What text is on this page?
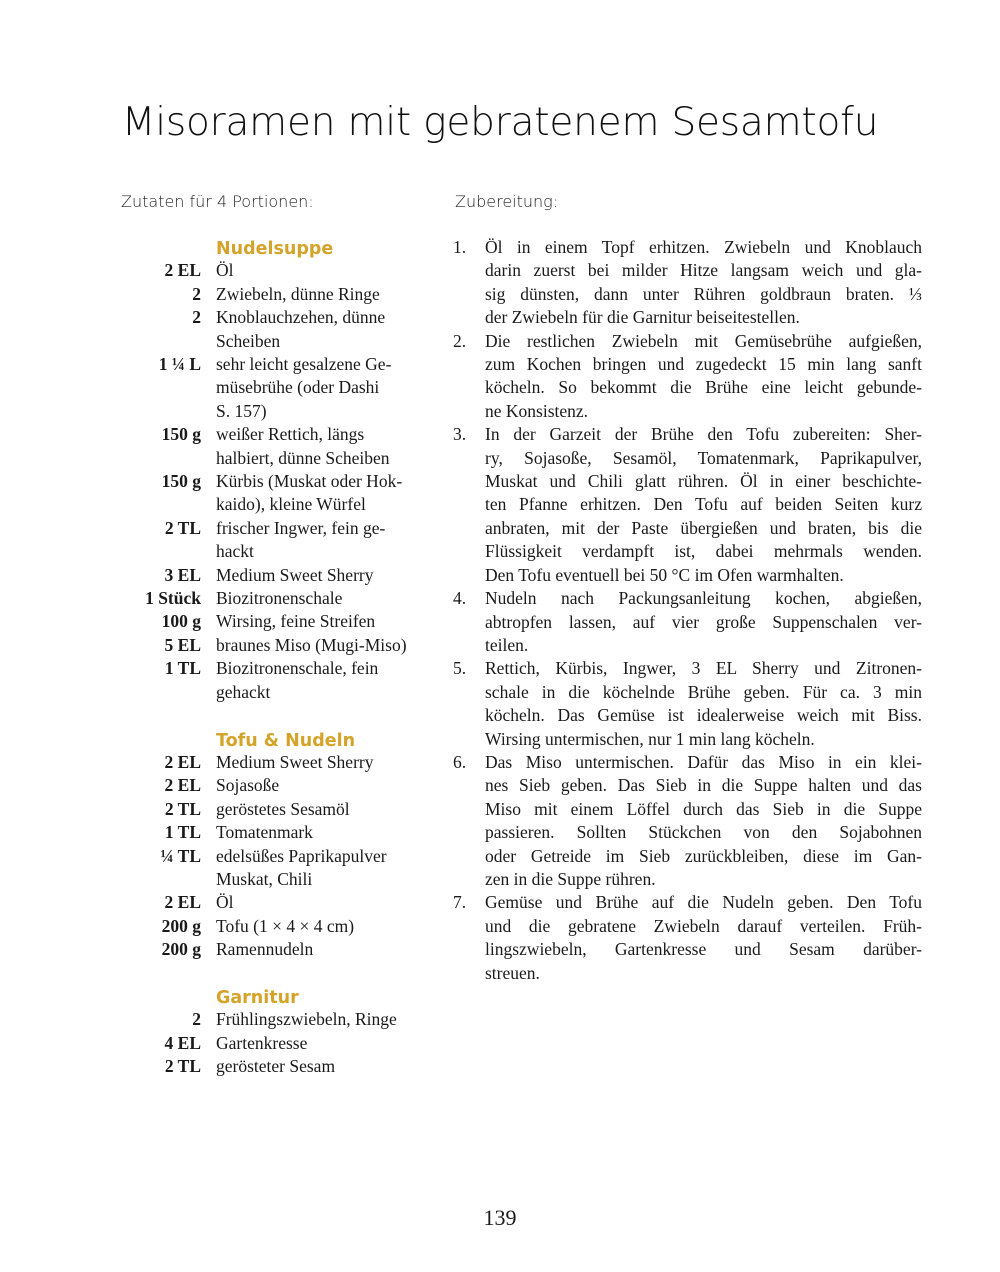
Misoramen mit gebratenem Sesamtofu
Zutaten für 4 Portionen:	Zubereitung:
Nudelsuppe
2 EL Öl
2 Zwiebeln, dünne Ringe
2 Knoblauchzehen, dünne
Scheiben
1 ¼ L sehr leicht gesalzene Ge-
müsebrühe (oder Dashi
S. 157)
150 g weißer Rettich, längs
halbiert, dünne Scheiben
150 g Kürbis (Muskat oder Hok-
kaido), kleine Würfel
2 TL frischer Ingwer, fein ge-
hackt
3 EL Medium Sweet Sherry
1 Stück Biozitronenschale
100 g Wirsing, feine Streifen
5 EL braunes Miso (Mugi-Miso)
1 TL Biozitronenschale, fein
gehackt
Tofu & Nudeln
2 EL Medium Sweet Sherry
2 EL Sojasoße
2 TL geröstetes Sesamöl
1 TL Tomatenmark
¼ TL edelsüßes Paprikapulver
Muskat, Chili
2 EL Öl
200 g Tofu (1 × 4 × 4 cm)
200 g Ramennudeln
Garnitur
2 Frühlingszwiebeln, Ringe
4 EL Gartenkresse
2 TL gerösteter Sesam
1.	Öl in einem Topf erhitzen. Zwiebeln und Knoblauch
darin zuerst bei milder Hitze langsam weich und gla-
sig dünsten, dann unter Rühren goldbraun braten. ⅓
der Zwiebeln für die Garnitur beiseitestellen.
2.	Die restlichen Zwiebeln mit Gemüsebrühe aufgießen,
zum Kochen bringen und zugedeckt 15 min lang sanft
köcheln. So bekommt die Brühe eine leicht gebunde-
ne Konsistenz.
3.	In der Garzeit der Brühe den Tofu zubereiten: Sher-
ry, Sojasoße, Sesamöl, Tomatenmark, Paprikapulver,
Muskat und Chili glatt rühren. Öl in einer beschichte-
ten Pfanne erhitzen. Den Tofu auf beiden Seiten kurz
anbraten, mit der Paste übergießen und braten, bis die
Flüssigkeit verdampft ist, dabei mehrmals wenden.
Den Tofu eventuell bei 50 °C im Ofen warmhalten.
4.	Nudeln nach Packungsanleitung kochen, abgießen,
abtropfen lassen, auf vier große Suppenschalen ver-
teilen.
5.	Rettich, Kürbis, Ingwer, 3 EL Sherry und Zitronen-
schale in die köchelnde Brühe geben. Für ca. 3 min
köcheln. Das Gemüse ist idealerweise weich mit Biss.
Wirsing untermischen, nur 1 min lang köcheln.
6.	Das Miso untermischen. Dafür das Miso in ein klei-
nes Sieb geben. Das Sieb in die Suppe halten und das
Miso mit einem Löffel durch das Sieb in die Suppe
passieren. Sollten Stückchen von den Sojabohnen
oder Getreide im Sieb zurückbleiben, diese im Gan-
zen in die Suppe rühren.
7.	Gemüse und Brühe auf die Nudeln geben. Den Tofu
und die gebratene Zwiebeln darauf verteilen. Früh-
lingszwiebeln, Gartenkresse und Sesam darüber-
streuen.
139
